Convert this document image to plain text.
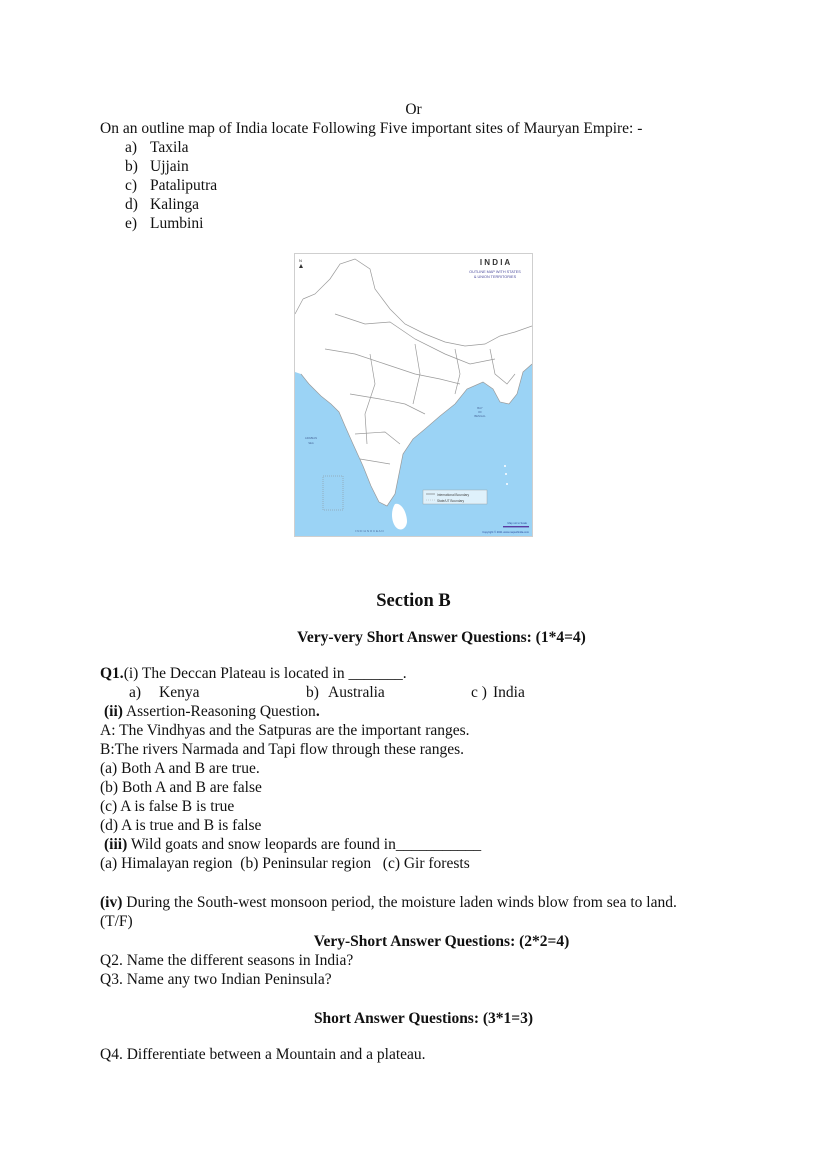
Or
On an outline map of India locate Following Five important sites of Mauryan Empire: -
a) Taxila
b) Ujjain
c) Pataliputra
d) Kalinga
e) Lumbini
International Boundary
State/UT Boundary
I N D I A
OUTLINE MAP WITH STATES
& UNION TERRITORIES
N
BAY
OF
BENGAL
ARABIAN
SEA
I N D I A N O C E A N
Map not to Scale
Copyright © 2021 www.mapsofindia.com
Section B
Very-very Short Answer Questions: (1*4=4)
Q1.(i) The Deccan Plateau is located in _______.
a) Kenya	b) Australia	c ) India
(ii) Assertion-Reasoning Question.
A: The Vindhyas and the Satpuras are the important ranges.
B:The rivers Narmada and Tapi flow through these ranges.
(a) Both A and B are true.
(b) Both A and B are false
(c) A is false B is true
(d) A is true and B is false
(iii) Wild goats and snow leopards are found in___________
(a) Himalayan region  (b) Peninsular region   (c) Gir forests
(iv) During the South-west monsoon period, the moisture laden winds blow from sea to land.
(T/F)
Very-Short Answer Questions: (2*2=4)
Q2. Name the different seasons in India?
Q3. Name any two Indian Peninsula?
Short Answer Questions: (3*1=3)
Q4. Differentiate between a Mountain and a plateau.
